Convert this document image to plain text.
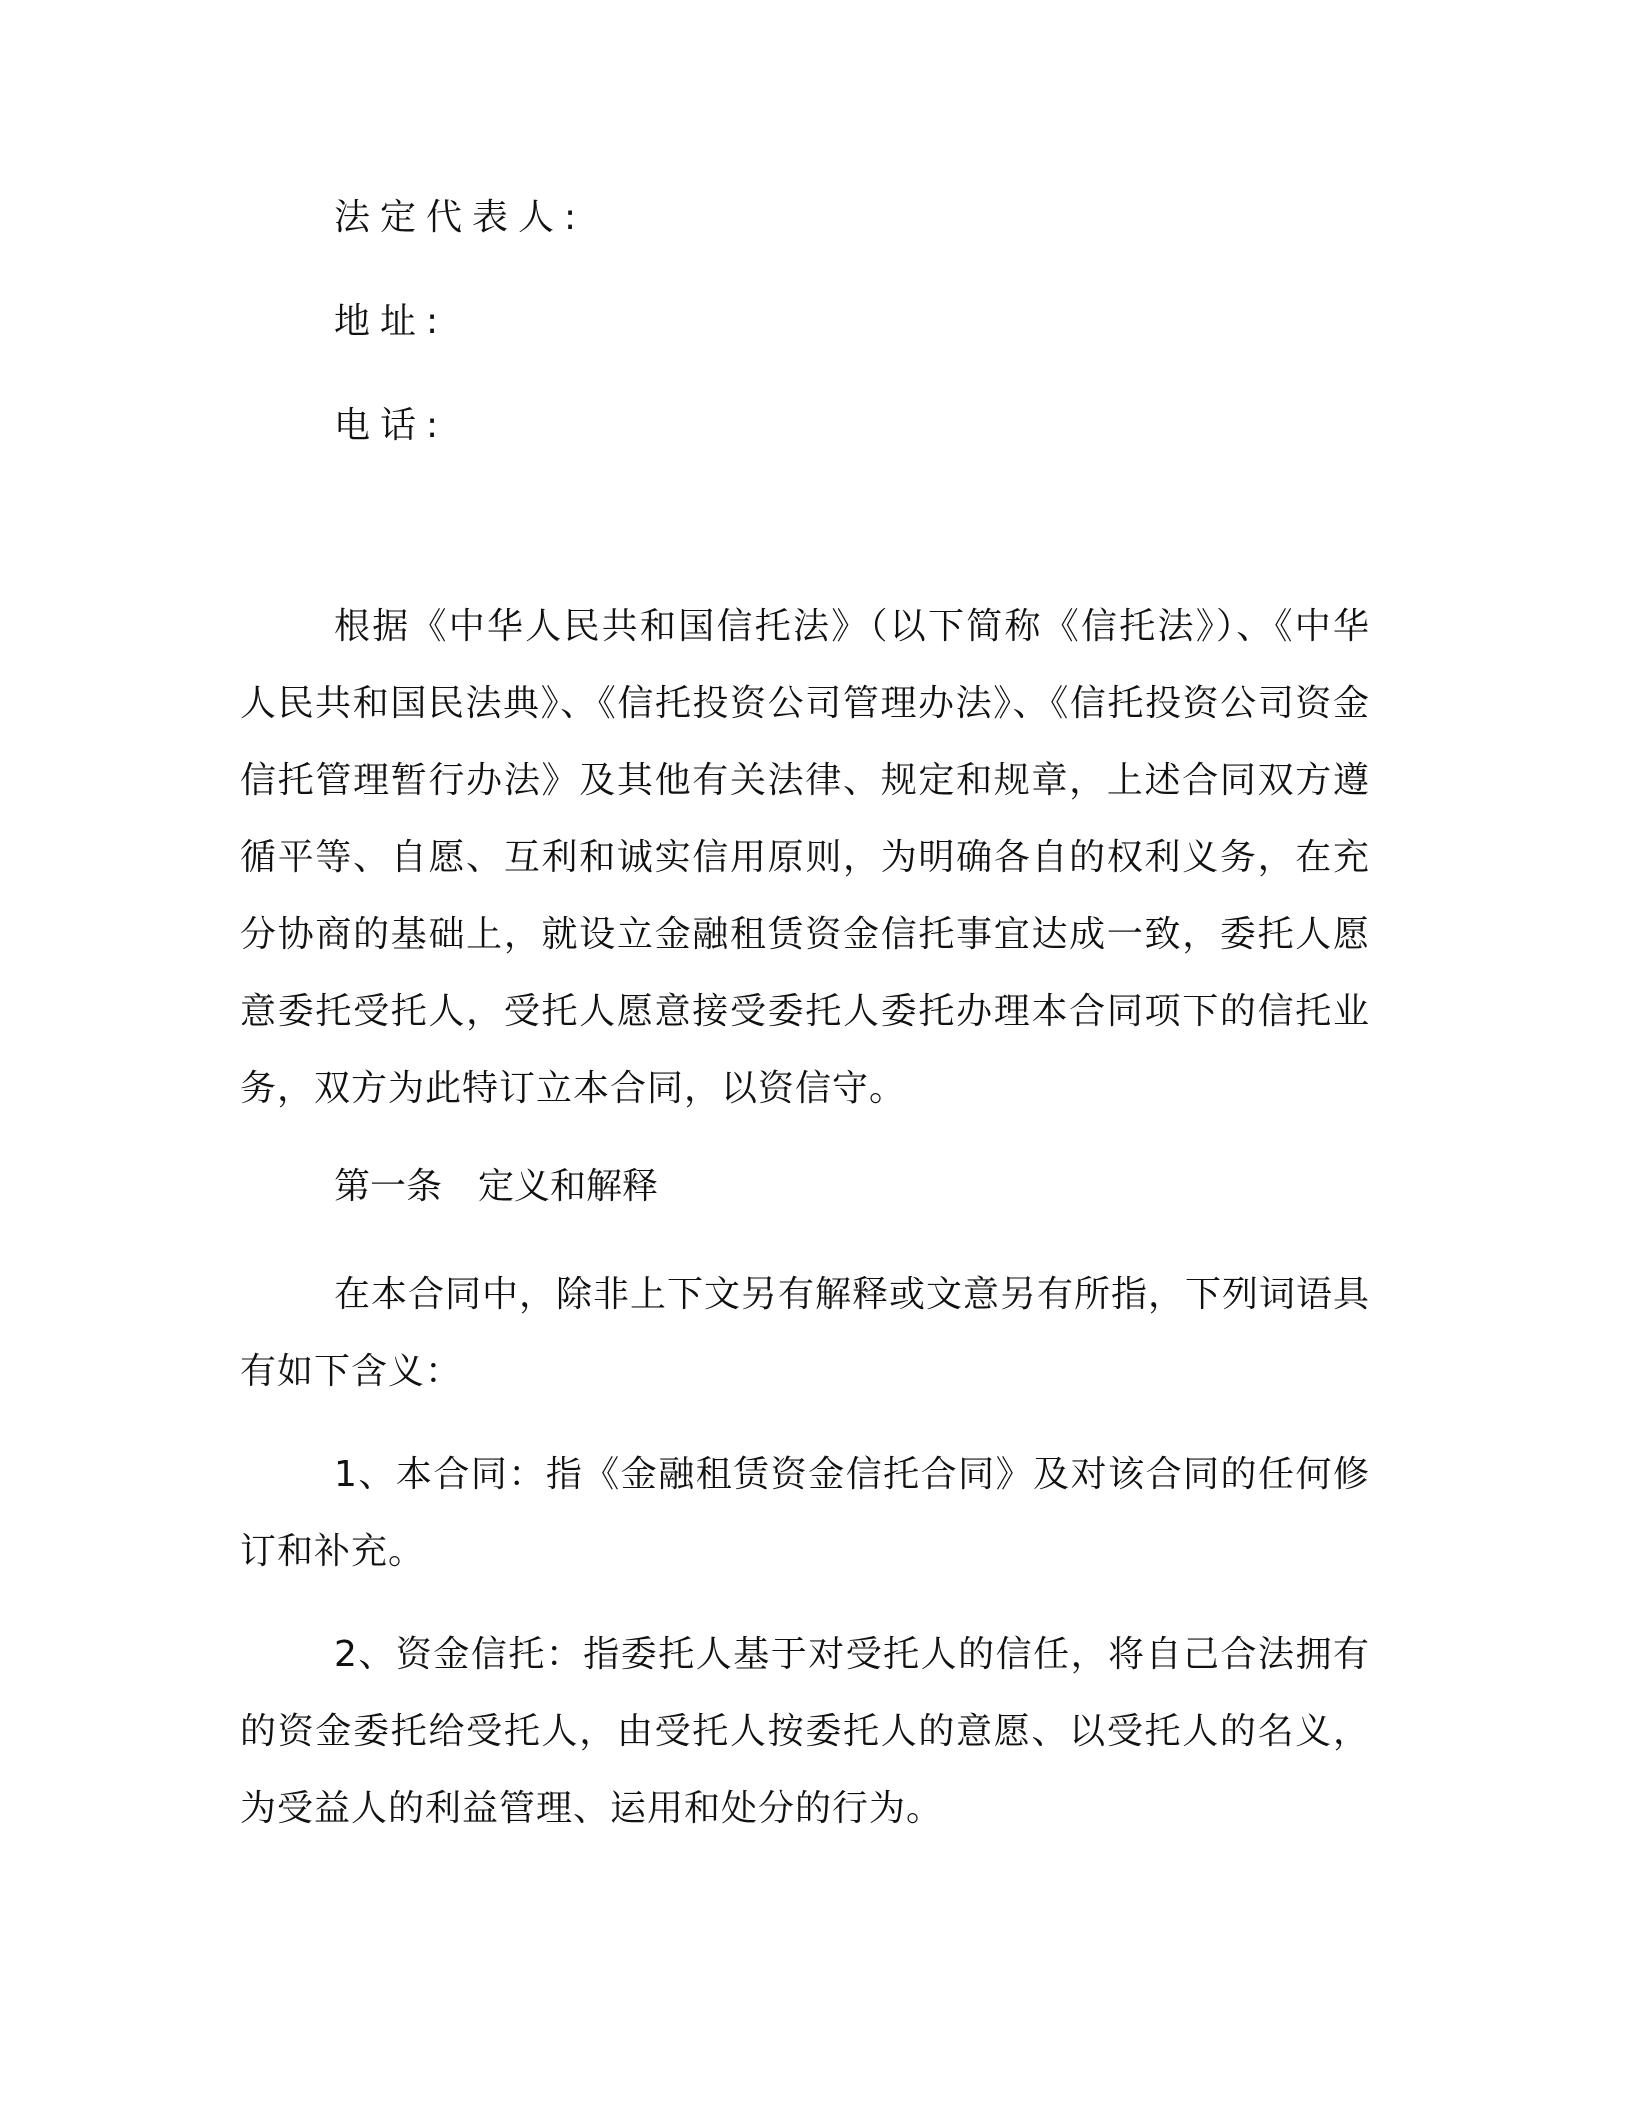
法定代表人:
地址:
电话:

根据《中华人民共和国信托法》（以下简称《信托法》）、《中华人民共和国民法典》、《信托投资公司管理办法》、《信托投资公司资金信托管理暂行办法》及其他有关法律、规定和规章，上述合同双方遵循平等、自愿、互利和诚实信用原则，为明确各自的权利义务，在充分协商的基础上，就设立金融租赁资金信托事宜达成一致，委托人愿意委托受托人，受托人愿意接受委托人委托办理本合同项下的信托业务，双方为此特订立本合同，以资信守。

第一条　定义和解释

在本合同中，除非上下文另有解释或文意另有所指，下列词语具有如下含义：

1、本合同：指《金融租赁资金信托合同》及对该合同的任何修订和补充。

2、资金信托：指委托人基于对受托人的信任，将自己合法拥有的资金委托给受托人，由受托人按委托人的意愿、以受托人的名义，为受益人的利益管理、运用和处分的行为。
